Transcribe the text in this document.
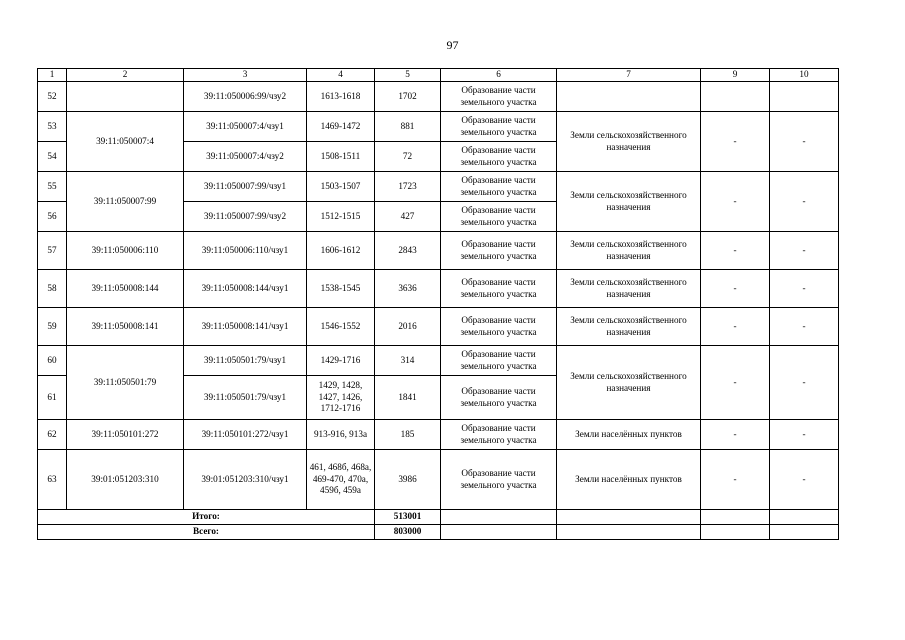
97
1	2	3	4	5	6	7	9	10
52		39:11:050006:99/чзу2	1613-1618	1702	Образование части земельного участка			
53	39:11:050007:4	39:11:050007:4/чзу1	1469-1472	881	Образование части земельного участка	Земли сельскохозяйственного назначения	-	-
54		39:11:050007:4/чзу2	1508-1511	72	Образование части земельного участка			
55	39:11:050007:99	39:11:050007:99/чзу1	1503-1507	1723	Образование части земельного участка	Земли сельскохозяйственного назначения	-	-
56		39:11:050007:99/чзу2	1512-1515	427	Образование части земельного участка			
57	39:11:050006:110	39:11:050006:110/чзу1	1606-1612	2843	Образование части земельного участка	Земли сельскохозяйственного назначения	-	-
58	39:11:050008:144	39:11:050008:144/чзу1	1538-1545	3636	Образование части земельного участка	Земли сельскохозяйственного назначения	-	-
59	39:11:050008:141	39:11:050008:141/чзу1	1546-1552	2016	Образование части земельного участка	Земли сельскохозяйственного назначения	-	-
60	39:11:050501:79	39:11:050501:79/чзу1	1429-1716	314	Образование части земельного участка	Земли сельскохозяйственного назначения	-	-
61		39:11:050501:79/чзу1	1429, 1428, 1427, 1426, 1712-1716	1841	Образование части земельного участка			
62	39:11:050101:272	39:11:050101:272/чзу1	913-916, 913а	185	Образование части земельного участка	Земли населённых пунктов	-	-
63	39:01:051203:310	39:01:051203:310/чзу1	461, 468б, 468а, 469-470, 470а, 459б, 459а	3986	Образование части земельного участка	Земли населённых пунктов	-	-
Итого:				513001				
Всего:				803000				
